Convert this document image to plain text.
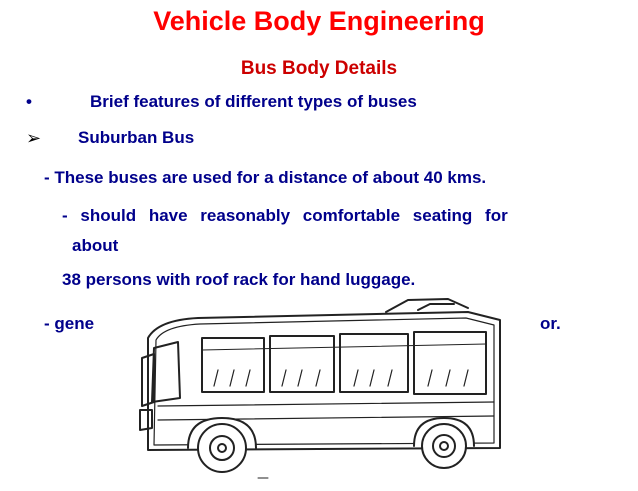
Vehicle Body Engineering
Bus Body Details
•	Brief features of different types of buses
➢ Suburban Bus
- These buses are used for a distance of about 40 kms.
- should have reasonably comfortable seating for
about
38 persons with roof rack for hand luggage.
- gene	or.
